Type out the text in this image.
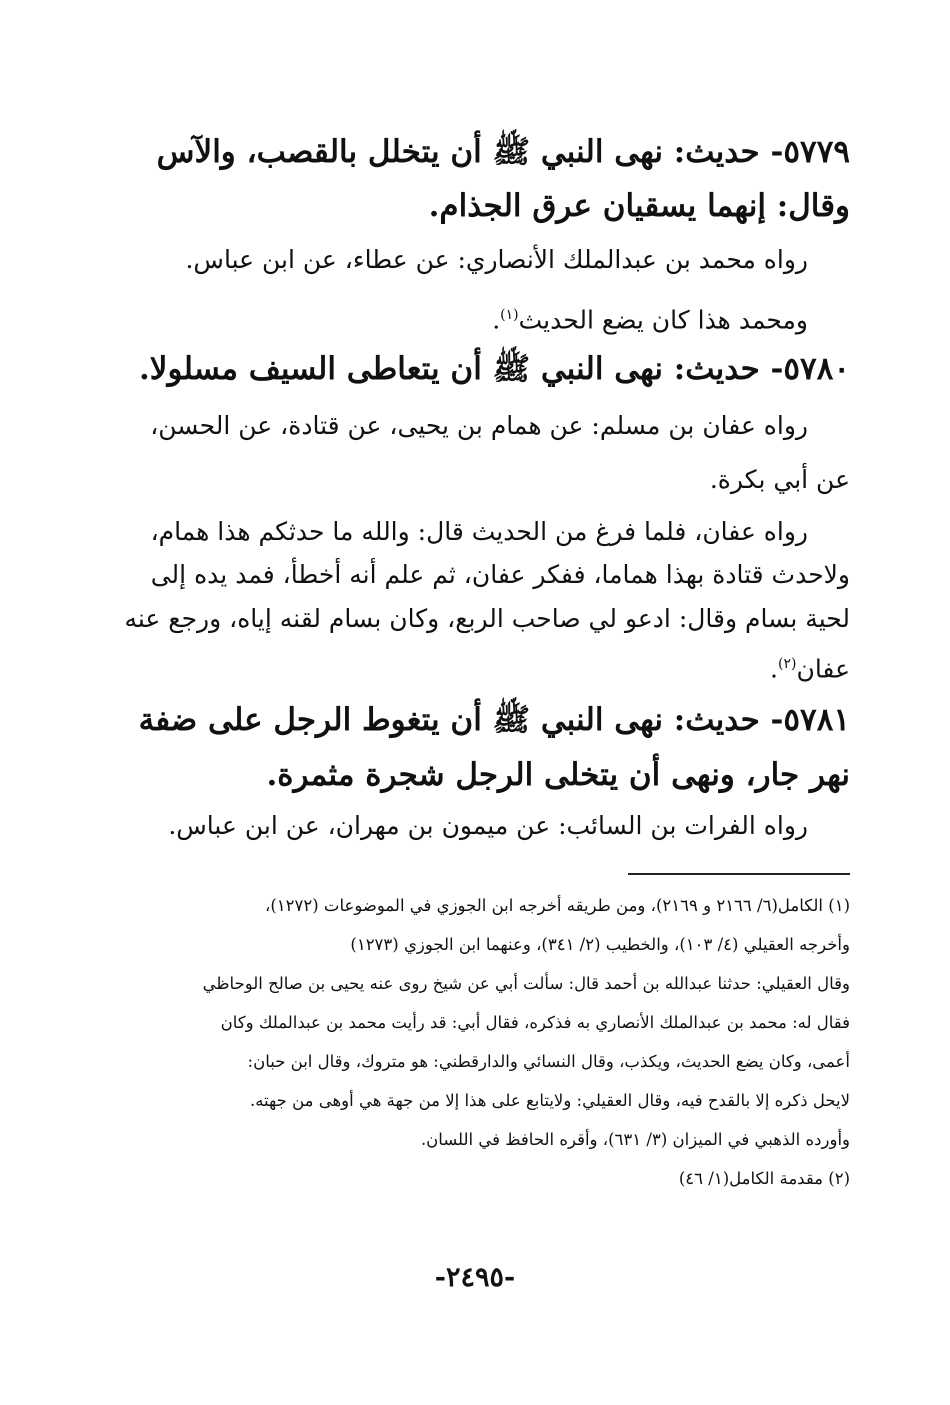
٥٧٧٩- حديث: نهى النبي ﷺ أن يتخلل بالقصب، والآس
وقال: إنهما يسقيان عرق الجذام.
رواه محمد بن عبدالملك الأنصاري: عن عطاء، عن ابن عباس.
ومحمد هذا كان يضع الحديث$^{(١)}$.
٥٧٨٠- حديث: نهى النبي ﷺ أن يتعاطى السيف مسلولا.
رواه عفان بن مسلم: عن همام بن يحيى، عن قتادة، عن الحسن،
عن أبي بكرة.
رواه عفان، فلما فرغ من الحديث قال: والله ما حدثكم هذا همام،
ولاحدث قتادة بهذا هماما، ففكر عفان، ثم علم أنه أخطأ، فمد يده إلى
لحية بسام وقال: ادعو لي صاحب الربع، وكان بسام لقنه إياه، ورجع عنه
عفان$^{(٢)}$.
٥٧٨١- حديث: نهى النبي ﷺ أن يتغوط الرجل على ضفة
نهر جار، ونهى أن يتخلى الرجل شجرة مثمرة.
رواه الفرات بن السائب: عن ميمون بن مهران، عن ابن عباس.
(١) الكامل(٦/ ٢١٦٦ و ٢١٦٩)، ومن طريقه أخرجه ابن الجوزي في الموضوعات (١٢٧٢)،
وأخرجه العقيلي (٤/ ١٠٣)، والخطيب (٢/ ٣٤١)، وعنهما ابن الجوزي (١٢٧٣)
وقال العقيلي: حدثنا عبدالله بن أحمد قال: سألت أبي عن شيخ روى عنه يحيى بن صالح الوحاظي
فقال له: محمد بن عبدالملك الأنصاري به فذكره، فقال أبي: قد رأيت محمد بن عبدالملك وكان
أعمى، وكان يضع الحديث، ويكذب، وقال النسائي والدارقطني: هو متروك، وقال ابن حبان:
لايحل ذكره إلا بالقدح فيه، وقال العقيلي: ولايتابع على هذا إلا من جهة هي أوهى من جهته.
وأورده الذهبي في الميزان (٣/ ٦٣١)، وأقره الحافظ في اللسان.
(٢) مقدمة الكامل(١/ ٤٦)
-٢٤٩٥-
